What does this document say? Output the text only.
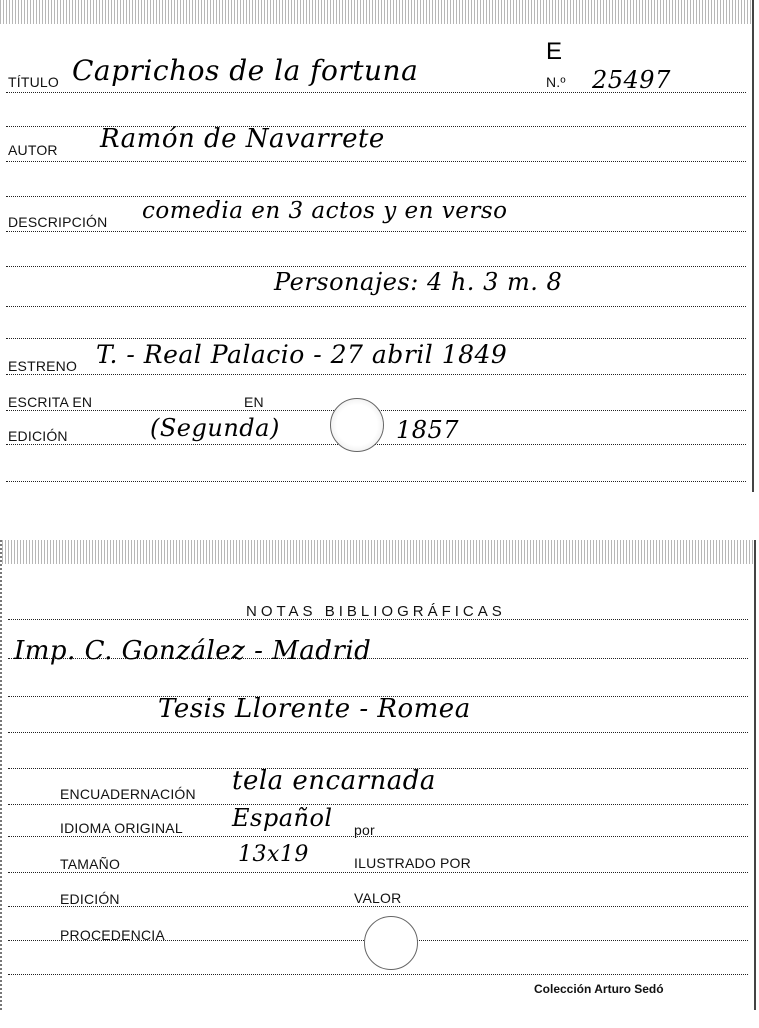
TÍTULO Caprichos de la fortuna
E
N.º 25497
AUTOR Ramón de Navarrete
DESCRIPCIÓN comedia en 3 actos y en verso
Personajes: 4 h. 3 m. 8
ESTRENO T. - Real Palacio - 27 abril 1849
ESCRITA EN	EN
EDICIÓN	(Segunda)	1857
NOTAS BIBLIOGRÁFICAS
Imp. C. González - Madrid
Tesis Llorente - Romea
ENCUADERNACIÓN tela encarnada
IDIOMA ORIGINAL Español por
TAMAÑO	13x19	ILUSTRADO POR
EDICIÓN	VALOR
PROCEDENCIA
Colección Arturo Sedó
